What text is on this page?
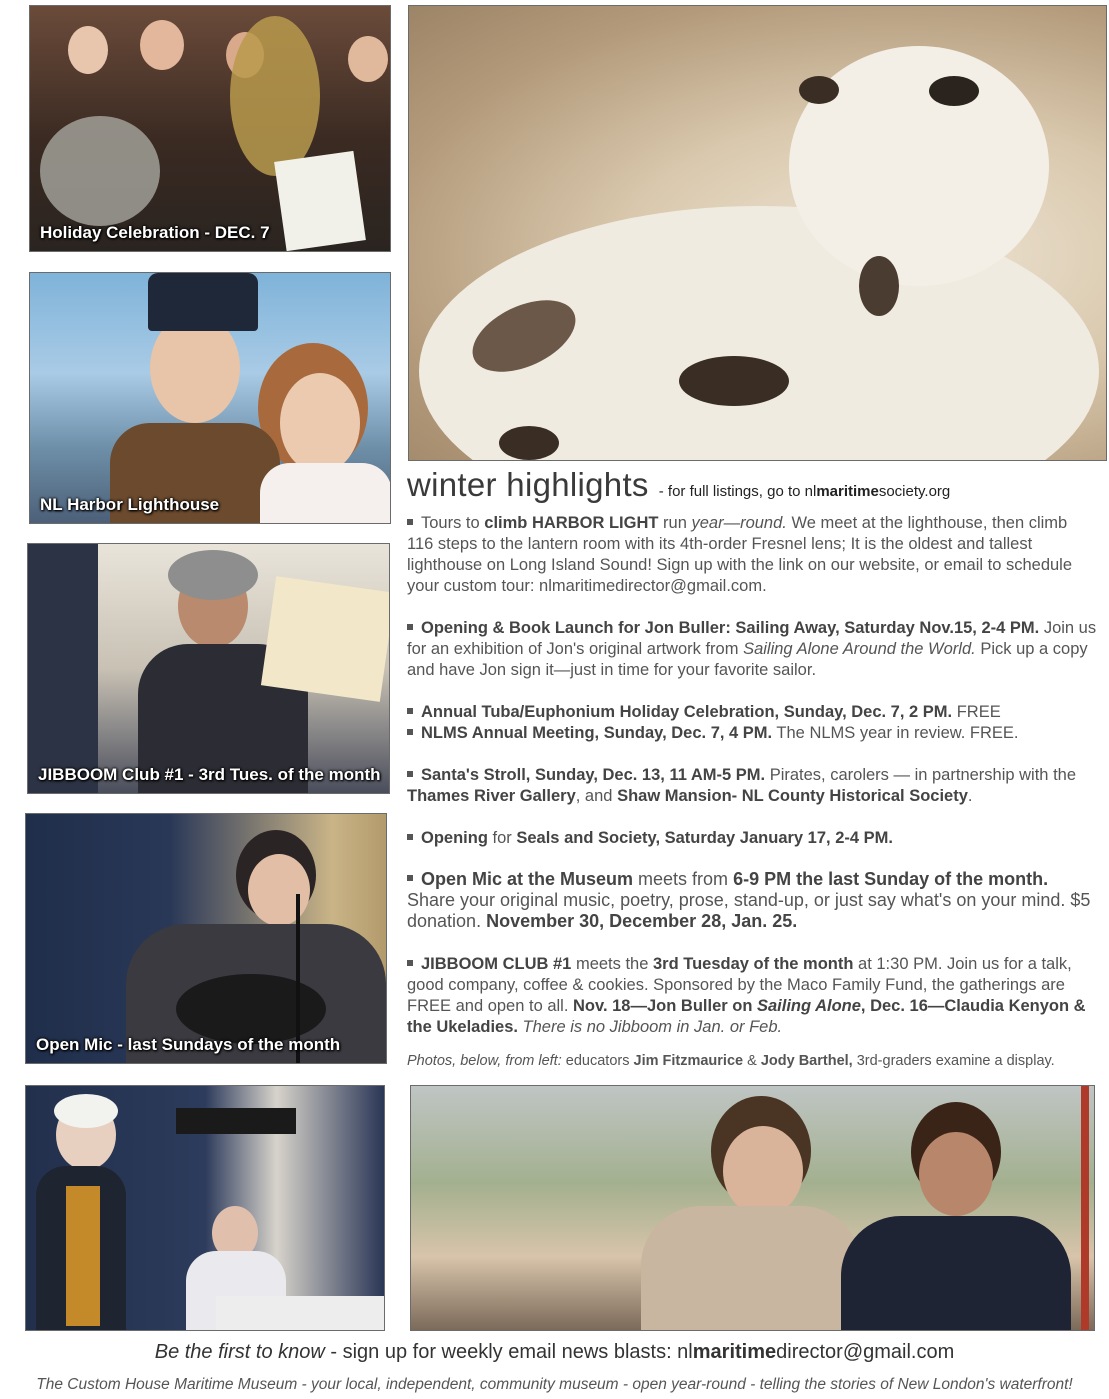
Holiday Celebration - DEC. 7
NL Harbor Lighthouse
JIBBOOM Club #1 - 3rd Tues. of the month
Open Mic - last Sundays of the month
winter highlights - for full listings, go to nlmaritimesociety.org
Tours to climb HARBOR LIGHT run year—round. We meet at the lighthouse, then climb 116 steps to the lantern room with its 4th-order Fresnel lens; It is the oldest and tallest lighthouse on Long Island Sound! Sign up with the link on our website, or email to schedule your custom tour: nlmaritimedirector@gmail.com.
Opening & Book Launch for Jon Buller: Sailing Away, Saturday Nov.15, 2-4 PM. Join us for an exhibition of Jon's original artwork from Sailing Alone Around the World. Pick up a copy and have Jon sign it—just in time for your favorite sailor.
Annual Tuba/Euphonium Holiday Celebration, Sunday, Dec. 7, 2 PM. FREE
NLMS Annual Meeting, Sunday, Dec. 7, 4 PM. The NLMS year in review. FREE.
Santa's Stroll, Sunday, Dec. 13, 11 AM-5 PM. Pirates, carolers — in partnership with the Thames River Gallery, and Shaw Mansion- NL County Historical Society.
Opening for Seals and Society, Saturday January 17, 2-4 PM.
Open Mic at the Museum meets from 6-9 PM the last Sunday of the month. Share your original music, poetry, prose, stand-up, or just say what's on your mind. $5 donation. November 30, December 28, Jan. 25.
JIBBOOM CLUB #1 meets the 3rd Tuesday of the month at 1:30 PM. Join us for a talk, good company, coffee & cookies. Sponsored by the Maco Family Fund, the gatherings are FREE and open to all. Nov. 18—Jon Buller on Sailing Alone, Dec. 16—Claudia Kenyon & the Ukeladies. There is no Jibboom in Jan. or Feb.
Photos, below, from left: educators Jim Fitzmaurice & Jody Barthel, 3rd-graders examine a display.
Be the first to know - sign up for weekly email news blasts: nlmaritimedirector@gmail.com
The Custom House Maritime Museum - your local, independent, community museum - open year-round - telling the stories of New London's waterfront!
